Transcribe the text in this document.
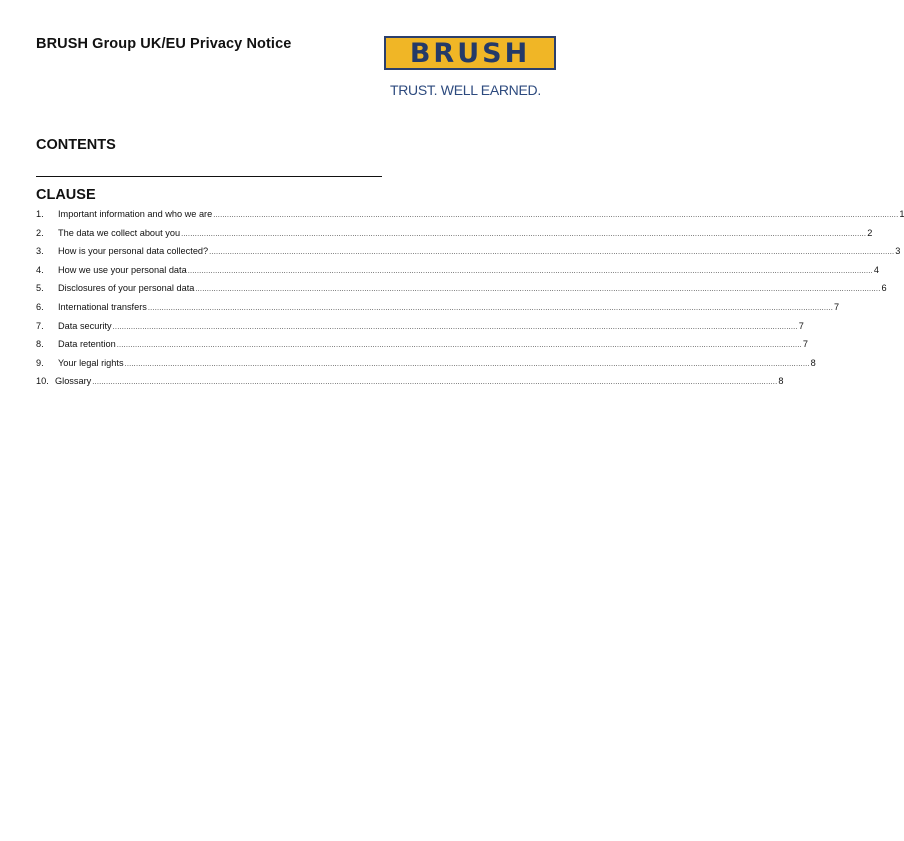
BRUSH Group UK/EU Privacy Notice	BRUSH
TRUST. WELL EARNED.
CONTENTS
CLAUSE
1.	Important information and who we are ............................................................................................................................................................................................................................................................................................................ 1
2.	The data we collect about you ............................................................................................................................................................................................................................................................................................................ 2
3.	How is your personal data collected? ............................................................................................................................................................................................................................................................................................................ 3
4.	How we use your personal data ............................................................................................................................................................................................................................................................................................................ 4
5.	Disclosures of your personal data ............................................................................................................................................................................................................................................................................................................ 6
6.	International transfers ............................................................................................................................................................................................................................................................................................................ 7
7.	Data security ............................................................................................................................................................................................................................................................................................................ 7
8.	Data retention ............................................................................................................................................................................................................................................................................................................ 7
9.	Your legal rights ............................................................................................................................................................................................................................................................................................................ 8
10. Glossary ............................................................................................................................................................................................................................................................................................................ 8
